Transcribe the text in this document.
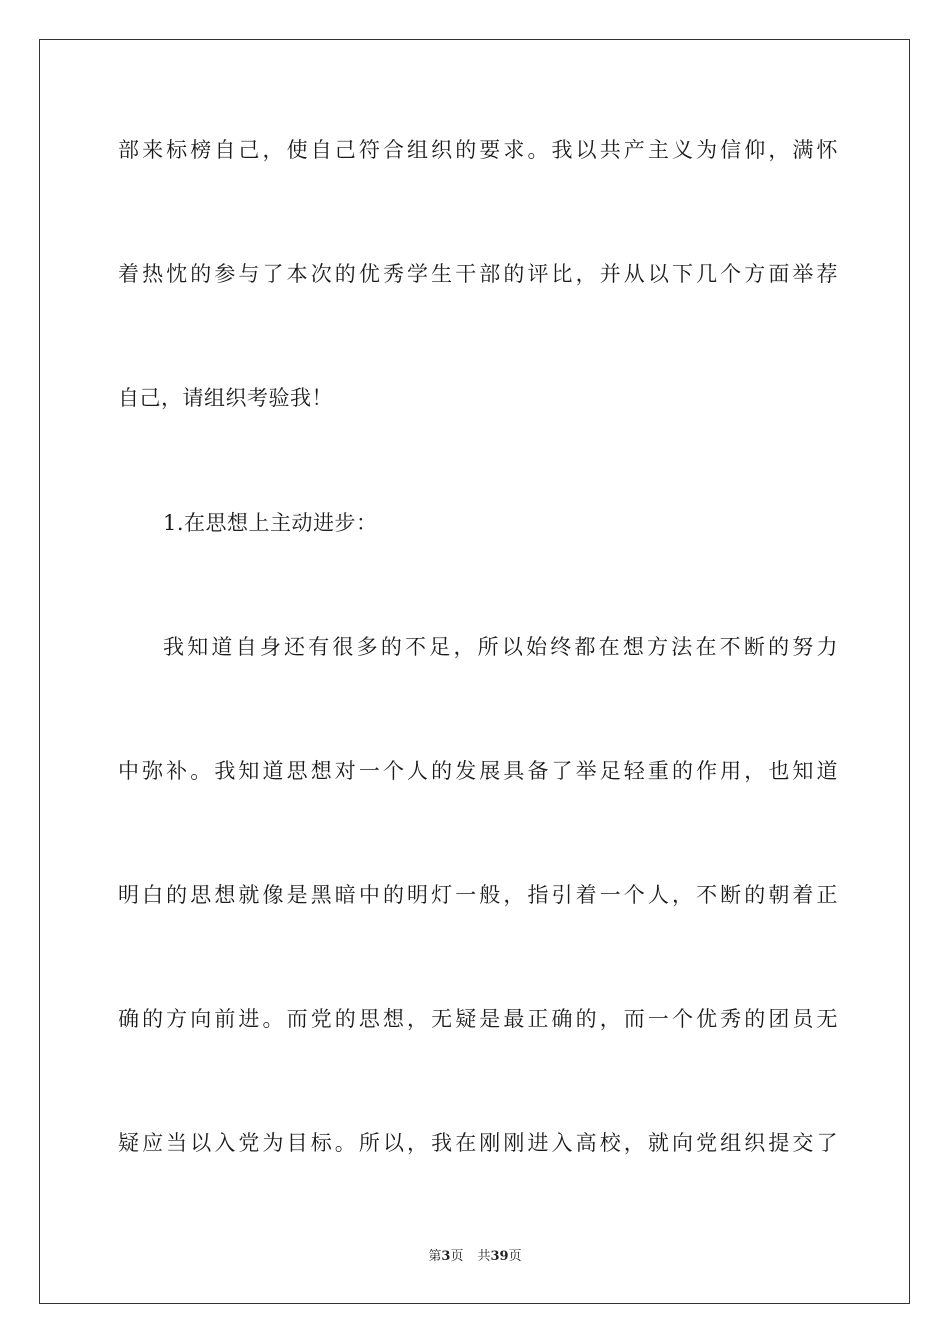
部来标榜自己，使自己符合组织的要求。我以共产主义为信仰，满怀
着热忱的参与了本次的优秀学生干部的评比，并从以下几个方面举荐
自己，请组织考验我！
1.在思想上主动进步：
我知道自身还有很多的不足，所以始终都在想方法在不断的努力
中弥补。我知道思想对一个人的发展具备了举足轻重的作用，也知道
明白的思想就像是黑暗中的明灯一般，指引着一个人，不断的朝着正
确的方向前进。而党的思想，无疑是最正确的，而一个优秀的团员无
疑应当以入党为目标。所以，我在刚刚进入高校，就向党组织提交了
第3页 共39页
